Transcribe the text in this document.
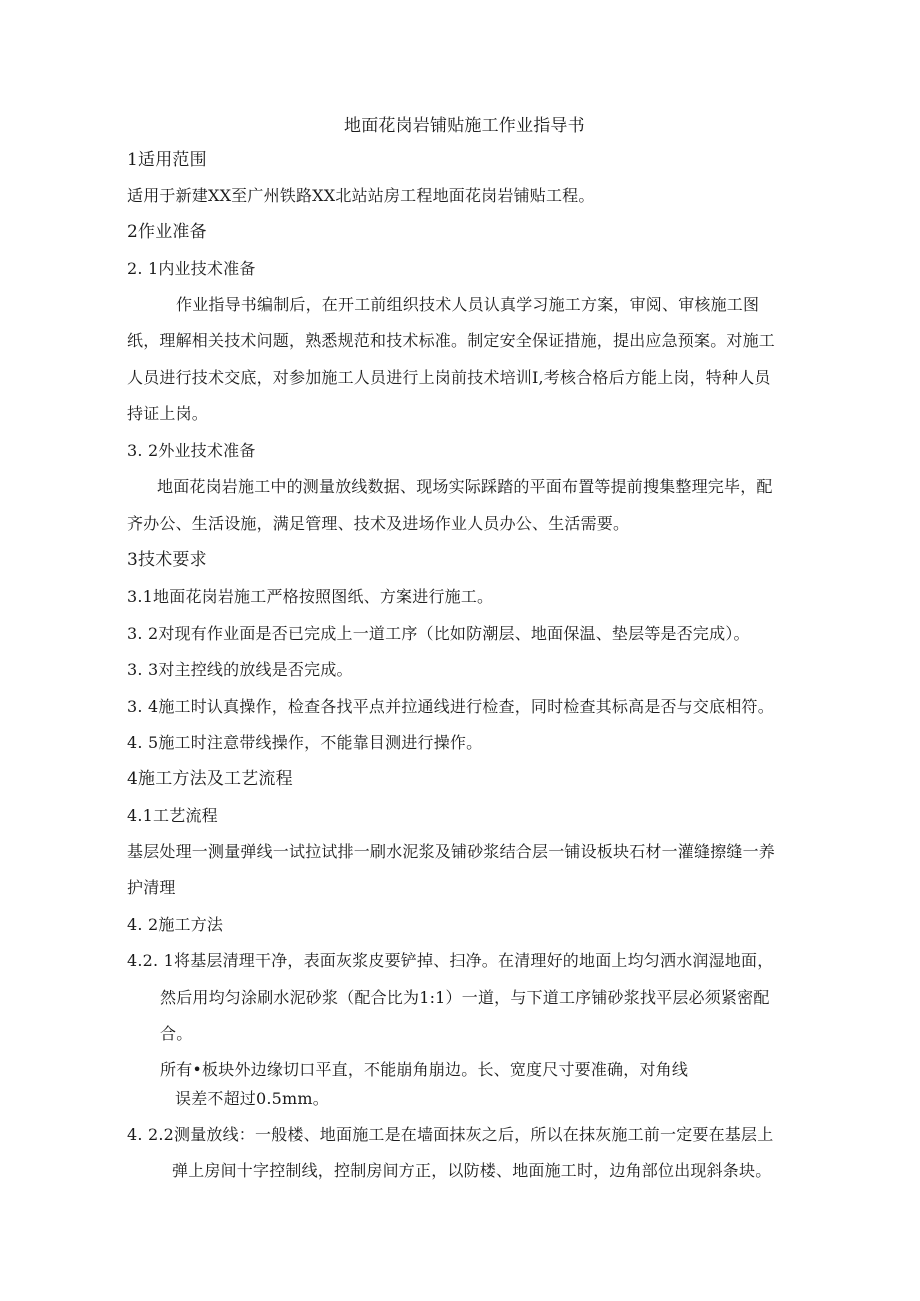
地面花岗岩铺贴施工作业指导书
1适用范围
适用于新建XX至广州铁路XX北站站房工程地面花岗岩铺贴工程。
2作业准备
2. 1内业技术准备
作业指导书编制后，在开工前组织技术人员认真学习施工方案，审阅、审核施工图
纸，理解相关技术问题，熟悉规范和技术标准。制定安全保证措施，提出应急预案。对施工
人员进行技术交底，对参加施工人员进行上岗前技术培训I,考核合格后方能上岗，特种人员
持证上岗。
3. 2外业技术准备
地面花岗岩施工中的测量放线数据、现场实际踩踏的平面布置等提前搜集整理完毕，配
齐办公、生活设施，满足管理、技术及进场作业人员办公、生活需要。
3技术要求
3.1地面花岗岩施工严格按照图纸、方案进行施工。
3. 2对现有作业面是否已完成上一道工序（比如防潮层、地面保温、垫层等是否完成）。
3. 3对主控线的放线是否完成。
3. 4施工时认真操作，检查各找平点并拉通线进行检查，同时检查其标高是否与交底相符。
4. 5施工时注意带线操作，不能靠目测进行操作。
4施工方法及工艺流程
4.1工艺流程
基层处理一测量弹线一试拉试排一刷水泥浆及铺砂浆结合层一铺设板块石材一灌缝擦缝一养
护清理
4. 2施工方法
4.2. 1将基层清理干净，表面灰浆皮要铲掉、扫净。在清理好的地面上均匀洒水润湿地面，
然后用均匀涂刷水泥砂浆（配合比为1:1）一道，与下道工序铺砂浆找平层必须紧密配
合。
所有•板块外边缘切口平直，不能崩角崩边。长、宽度尺寸要准确，对角线
误差不超过0.5mm。
4. 2.2测量放线：一般楼、地面施工是在墙面抹灰之后，所以在抹灰施工前一定要在基层上
弹上房间十字控制线，控制房间方正，以防楼、地面施工时，边角部位出现斜条块。
